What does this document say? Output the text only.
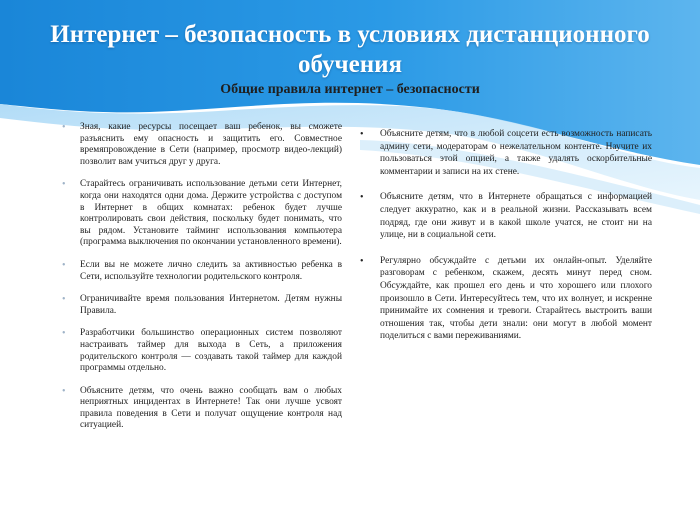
Интернет – безопасность в условиях дистанционного обучения
Общие правила интернет – безопасности
•	Зная, какие ресурсы посещает ваш ребенок, вы сможете разъяснить ему опасность и защитить его. Совместное времяпровождение в Сети (например, просмотр видео-лекций) позволит вам учиться друг у друга.
•	Старайтесь ограничивать использование детьми сети Интернет, когда они находятся одни дома. Держите устройства с доступом в Интернет в общих комнатах: ребенок будет лучше контролировать свои действия, поскольку будет понимать, что вы рядом. Установите тайминг использования компьютера (программа выключения по окончании установленного времени).
•	Если вы не можете лично следить за активностью ребенка в Сети, используйте технологии родительского контроля.
•	Ограничивайте время пользования Интернетом. Детям нужны Правила.
•	Разработчики большинство операционных систем позволяют настраивать таймер для выхода в Сеть, а приложения родительского контроля — создавать такой таймер для каждой программы отдельно.
•	Объясните детям, что очень важно сообщать вам о любых неприятных инцидентах в Интернете! Так они лучше усвоят правила поведения в Сети и получат ощущение контроля над ситуацией.
•	Объясните детям, что в любой соцсети есть возможность написать админу сети, модераторам о нежелательном контенте. Научите их пользоваться этой опцией, а также удалять оскорбительные комментарии и записи на их стене.
•	Объясните детям, что в Интернете обращаться с информацией следует аккуратно, как и в реальной жизни. Рассказывать всем подряд, где они живут и в какой школе учатся, не стоит ни на улице, ни в социальной сети.
•	Регулярно обсуждайте с детьми их онлайн-опыт. Уделяйте разговорам с ребенком, скажем, десять минут перед сном. Обсуждайте, как прошел его день и что хорошего или плохого произошло в Сети. Интересуйтесь тем, что их волнует, и искренне принимайте их сомнения и тревоги. Старайтесь выстроить ваши отношения так, чтобы дети знали: они могут в любой момент поделиться с вами переживаниями.
